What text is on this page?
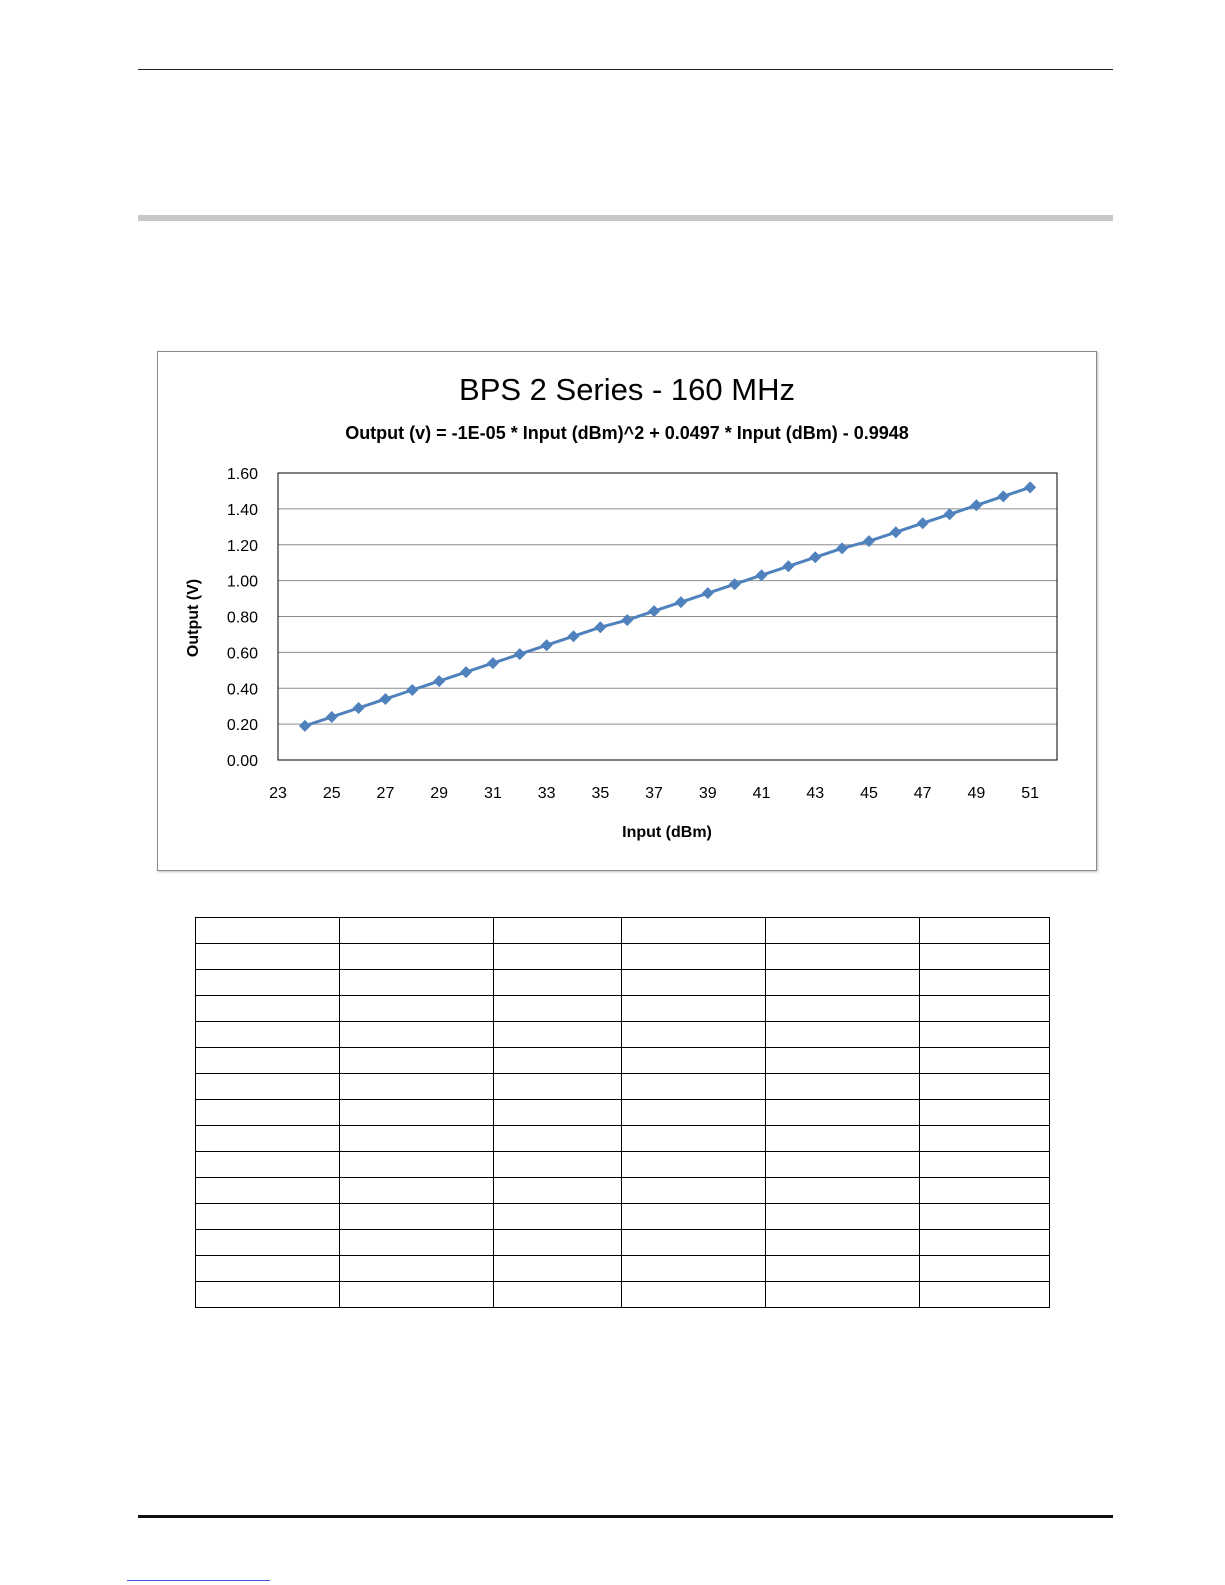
BPS 2 Series - 160 MHz
Output (v) = -1E-05 * Input (dBm)^2 + 0.0497 * Input (dBm) - 0.9948
0.00
0.20
0.40
0.60
0.80
1.00
1.20
1.40
1.60
23 25 27 29 31 33 35 37 39 41 43 45 47 49 51
Input (dBm)
Output (V)
